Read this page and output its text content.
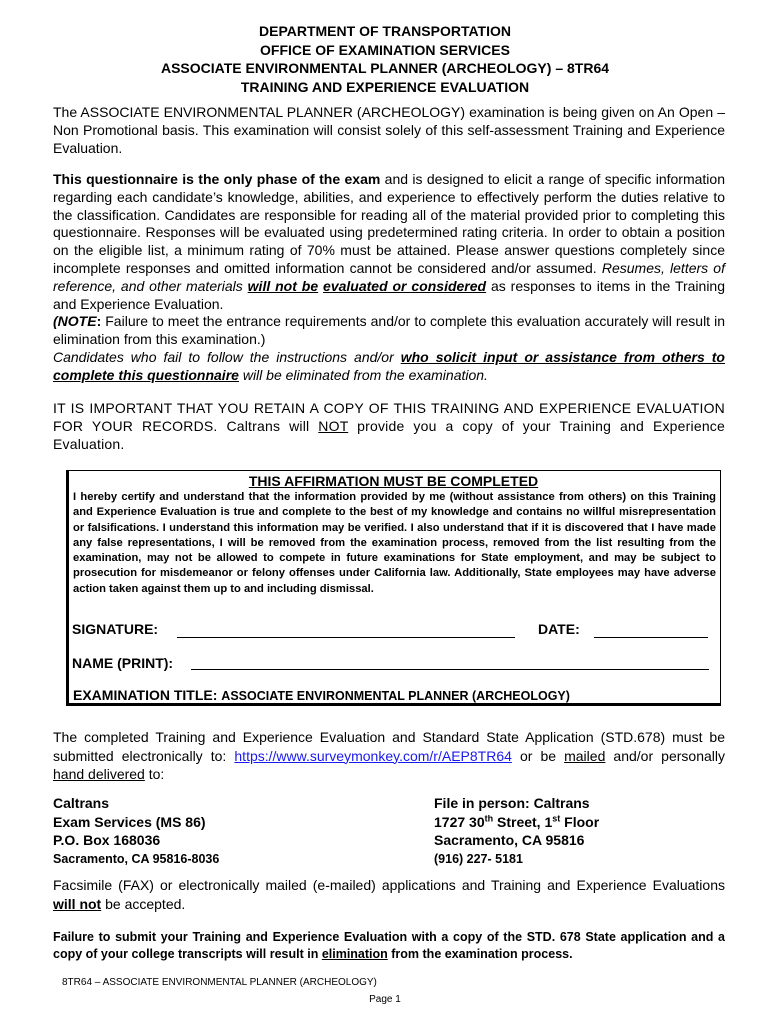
DEPARTMENT OF TRANSPORTATION
OFFICE OF EXAMINATION SERVICES
ASSOCIATE ENVIRONMENTAL PLANNER (ARCHEOLOGY) – 8TR64
TRAINING AND EXPERIENCE EVALUATION
The ASSOCIATE ENVIRONMENTAL PLANNER (ARCHEOLOGY) examination is being given on An Open – Non Promotional basis. This examination will consist solely of this self-assessment Training and Experience Evaluation.
This questionnaire is the only phase of the exam and is designed to elicit a range of specific information regarding each candidate’s knowledge, abilities, and experience to effectively perform the duties relative to the classification. Candidates are responsible for reading all of the material provided prior to completing this questionnaire. Responses will be evaluated using predetermined rating criteria. In order to obtain a position on the eligible list, a minimum rating of 70% must be attained. Please answer questions completely since incomplete responses and omitted information cannot be considered and/or assumed. Resumes, letters of reference, and other materials will not be evaluated or considered as responses to items in the Training and Experience Evaluation.
(NOTE: Failure to meet the entrance requirements and/or to complete this evaluation accurately will result in elimination from this examination.)
Candidates who fail to follow the instructions and/or who solicit input or assistance from others to complete this questionnaire will be eliminated from the examination.
IT IS IMPORTANT THAT YOU RETAIN A COPY OF THIS TRAINING AND EXPERIENCE EVALUATION FOR YOUR RECORDS. Caltrans will NOT provide you a copy of your Training and Experience Evaluation.
THIS AFFIRMATION MUST BE COMPLETED
I hereby certify and understand that the information provided by me (without assistance from others) on this Training and Experience Evaluation is true and complete to the best of my knowledge and contains no willful misrepresentation or falsifications. I understand this information may be verified. I also understand that if it is discovered that I have made any false representations, I will be removed from the examination process, removed from the list resulting from the examination, may not be allowed to compete in future examinations for State employment, and may be subject to prosecution for misdemeanor or felony offenses under California law. Additionally, State employees may have adverse action taken against them up to and including dismissal.
SIGNATURE:	DATE:
NAME (PRINT):
EXAMINATION TITLE: ASSOCIATE ENVIRONMENTAL PLANNER (ARCHEOLOGY)
The completed Training and Experience Evaluation and Standard State Application (STD.678) must be submitted electronically to: https://www.surveymonkey.com/r/AEP8TR64 or be mailed and/or personally hand delivered to:
Caltrans
Exam Services (MS 86)
P.O. Box 168036
Sacramento, CA 95816-8036
File in person: Caltrans
1727 30th Street, 1st Floor
Sacramento, CA 95816
(916) 227- 5181
Facsimile (FAX) or electronically mailed (e-mailed) applications and Training and Experience Evaluations will not be accepted.
Failure to submit your Training and Experience Evaluation with a copy of the STD. 678 State application and a copy of your college transcripts will result in elimination from the examination process.
8TR64 – ASSOCIATE ENVIRONMENTAL PLANNER (ARCHEOLOGY)
Page 1
